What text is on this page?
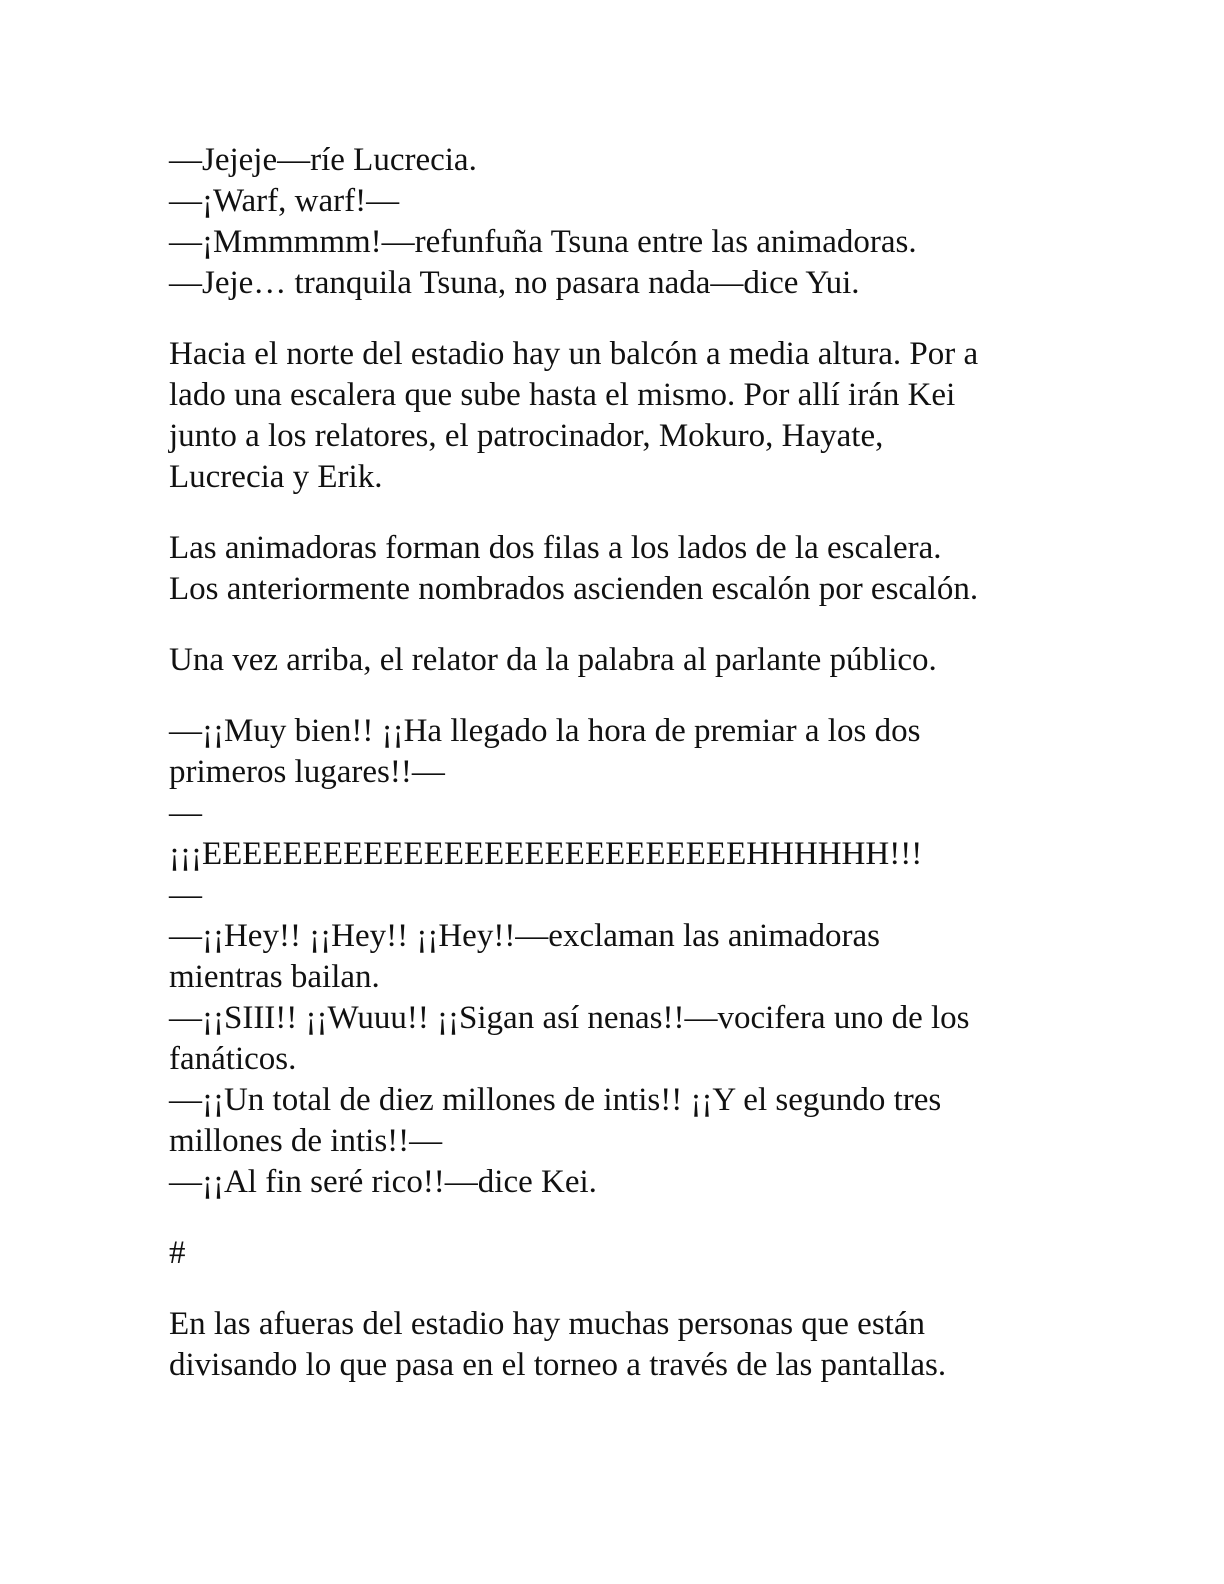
—Jejeje—ríe Lucrecia.
—¡Warf, warf!—
—¡Mmmmmm!—refunfuña Tsuna entre las animadoras.
—Jeje… tranquila Tsuna, no pasara nada—dice Yui.
Hacia el norte del estadio hay un balcón a media altura. Por a
lado una escalera que sube hasta el mismo. Por allí irán Kei
junto a los relatores, el patrocinador, Mokuro, Hayate,
Lucrecia y Erik.
Las animadoras forman dos filas a los lados de la escalera.
Los anteriormente nombrados ascienden escalón por escalón.
Una vez arriba, el relator da la palabra al parlante público.
—¡¡Muy bien!! ¡¡Ha llegado la hora de premiar a los dos
primeros lugares!!—
—
¡¡¡EEEEEEEEEEEEEEEEEEEEEEEEEEEHHHHHH!!!
—
—¡¡Hey!! ¡¡Hey!! ¡¡Hey!!—exclaman las animadoras
mientras bailan.
—¡¡SIII!! ¡¡Wuuu!! ¡¡Sigan así nenas!!—vocifera uno de los
fanáticos.
—¡¡Un total de diez millones de intis!! ¡¡Y el segundo tres
millones de intis!!—
—¡¡Al fin seré rico!!—dice Kei.
#
En las afueras del estadio hay muchas personas que están
divisando lo que pasa en el torneo a través de las pantallas.
